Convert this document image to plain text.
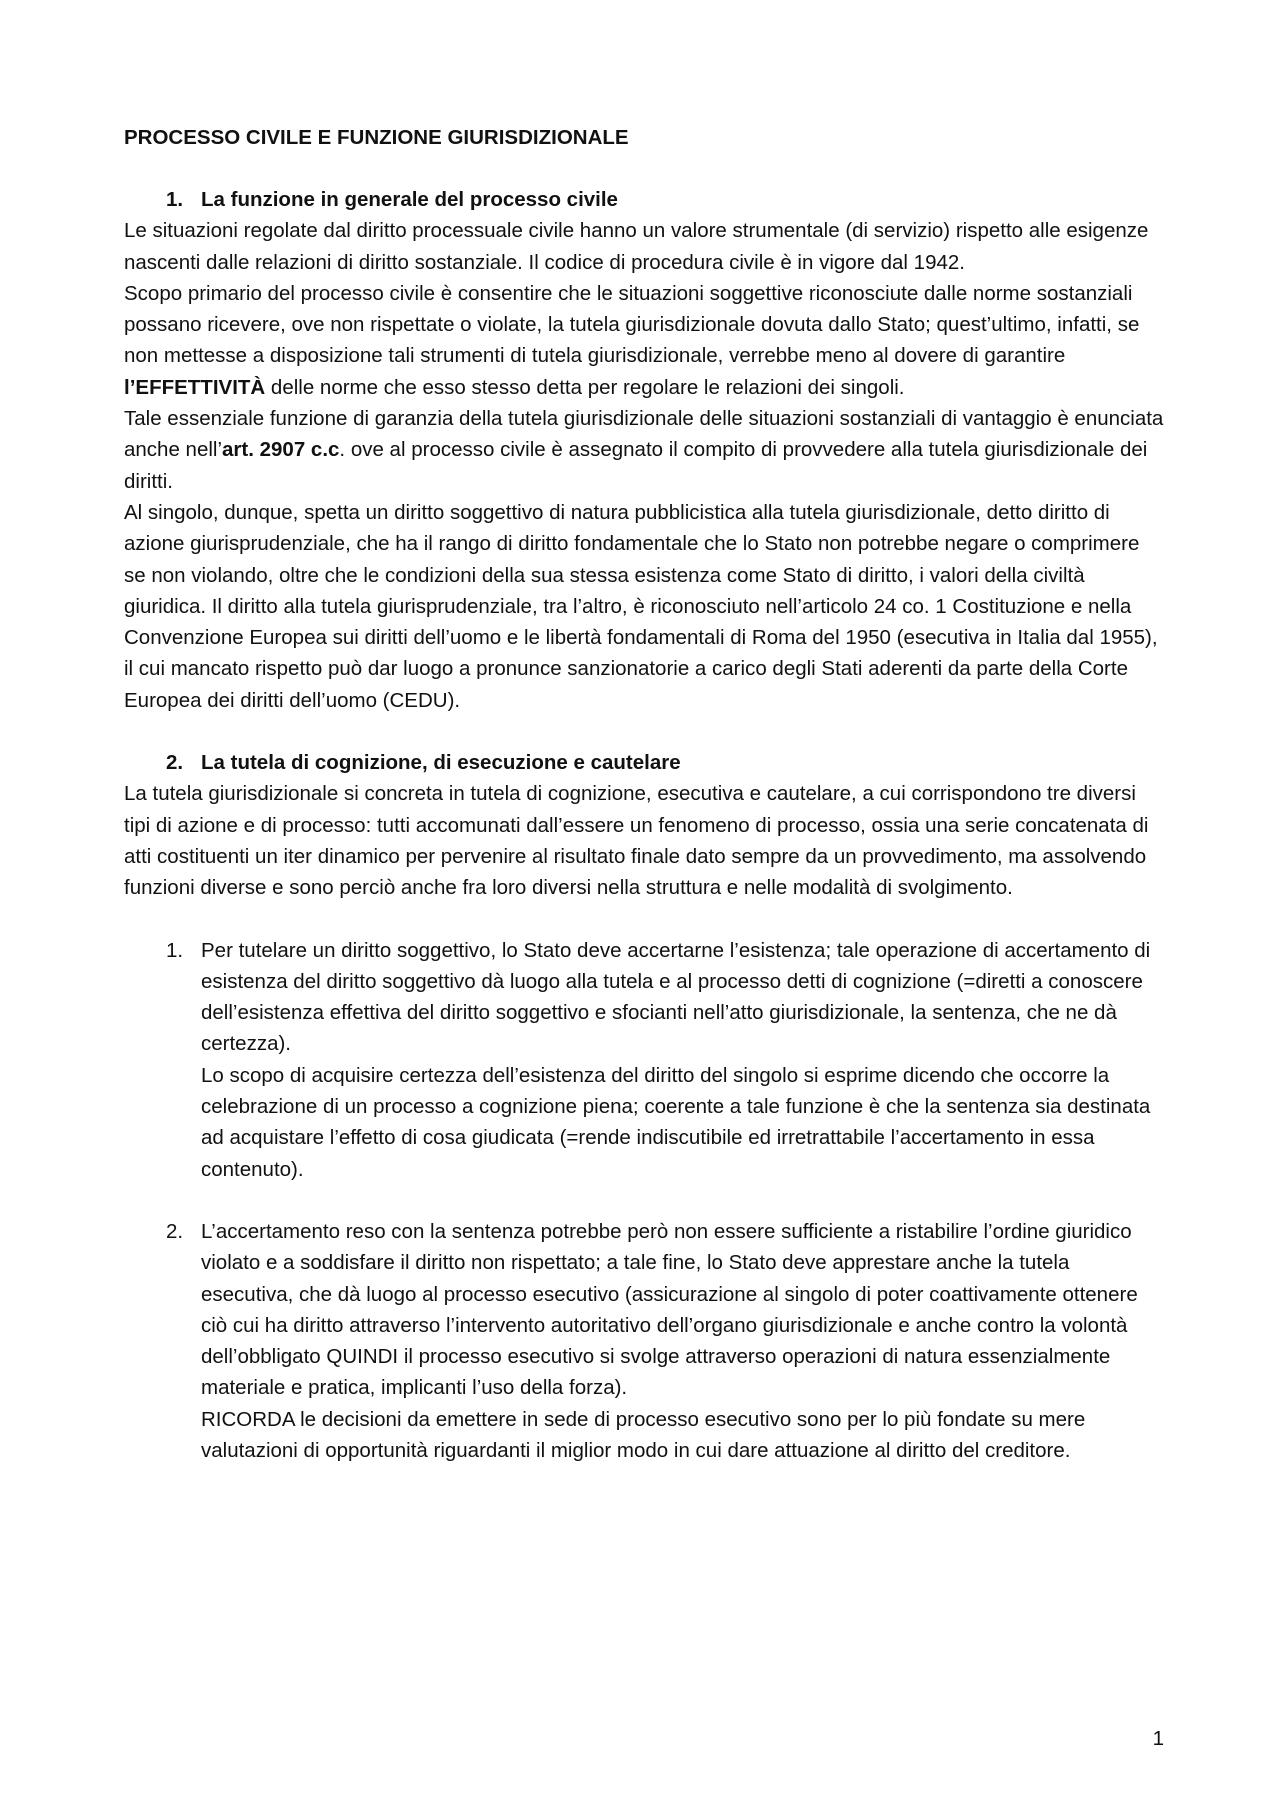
PROCESSO CIVILE E FUNZIONE GIURISDIZIONALE
1. La funzione in generale del processo civile

Le situazioni regolate dal diritto processuale civile hanno un valore strumentale (di servizio) rispetto alle esigenze nascenti dalle relazioni di diritto sostanziale. Il codice di procedura civile è in vigore dal 1942.

Scopo primario del processo civile è consentire che le situazioni soggettive riconosciute dalle norme sostanziali possano ricevere, ove non rispettate o violate, la tutela giurisdizionale dovuta dallo Stato; quest’ultimo, infatti, se non mettesse a disposizione tali strumenti di tutela giurisdizionale, verrebbe meno al dovere di garantire l’EFFETTIVITÀ delle norme che esso stesso detta per regolare le relazioni dei singoli.

Tale essenziale funzione di garanzia della tutela giurisdizionale delle situazioni sostanziali di vantaggio è enunciata anche nell’art. 2907 c.c. ove al processo civile è assegnato il compito di provvedere alla tutela giurisdizionale dei diritti.

Al singolo, dunque, spetta un diritto soggettivo di natura pubblicistica alla tutela giurisdizionale, detto diritto di azione giurisprudenziale, che ha il rango di diritto fondamentale che lo Stato non potrebbe negare o comprimere se non violando, oltre che le condizioni della sua stessa esistenza come Stato di diritto, i valori della civiltà giuridica. Il diritto alla tutela giurisprudenziale, tra l’altro, è riconosciuto nell’articolo 24 co. 1 Costituzione e nella Convenzione Europea sui diritti dell’uomo e le libertà fondamentali di Roma del 1950 (esecutiva in Italia dal 1955), il cui mancato rispetto può dar luogo a pronunce sanzionatorie a carico degli Stati aderenti da parte della Corte Europea dei diritti dell’uomo (CEDU).

2. La tutela di cognizione, di esecuzione e cautelare

La tutela giurisdizionale si concreta in tutela di cognizione, esecutiva e cautelare, a cui corrispondono tre diversi tipi di azione e di processo: tutti accomunati dall’essere un fenomeno di processo, ossia una serie concatenata di atti costituenti un iter dinamico per pervenire al risultato finale dato sempre da un provvedimento, ma assolvendo funzioni diverse e sono perciò anche fra loro diversi nella struttura e nelle modalità di svolgimento.

1. Per tutelare un diritto soggettivo, lo Stato deve accertarne l’esistenza; tale operazione di accertamento di esistenza del diritto soggettivo dà luogo alla tutela e al processo detti di cognizione (=diretti a conoscere dell’esistenza effettiva del diritto soggettivo e sfocianti nell’atto giurisdizionale, la sentenza, che ne dà certezza).

Lo scopo di acquisire certezza dell’esistenza del diritto del singolo si esprime dicendo che occorre la celebrazione di un processo a cognizione piena; coerente a tale funzione è che la sentenza sia destinata ad acquistare l’effetto di cosa giudicata (=rende indiscutibile ed irretrattabile l’accertamento in essa contenuto).

2. L’accertamento reso con la sentenza potrebbe però non essere sufficiente a ristabilire l’ordine giuridico violato e a soddisfare il diritto non rispettato; a tale fine, lo Stato deve apprestare anche la tutela esecutiva, che dà luogo al processo esecutivo (assicurazione al singolo di poter coattivamente ottenere ciò cui ha diritto attraverso l’intervento autoritativo dell’organo giurisdizionale e anche contro la volontà dell’obbligato QUINDI il processo esecutivo si svolge attraverso operazioni di natura essenzialmente materiale e pratica, implicanti l’uso della forza).

RICORDA le decisioni da emettere in sede di processo esecutivo sono per lo più fondate su mere valutazioni di opportunità riguardanti il miglior modo in cui dare attuazione al diritto del creditore.

1
